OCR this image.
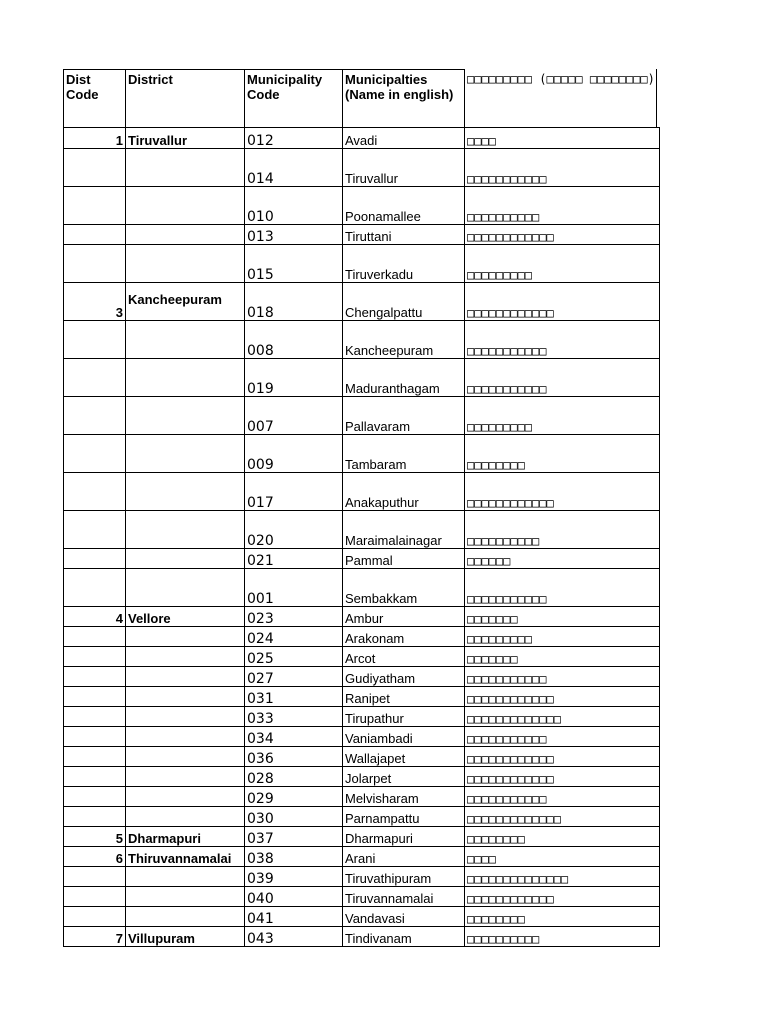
Dist Code	District	Municipality Code	Municipalties (Name in english)	□□□□□□□□□ (□□□□□ □□□□□□□□)
1	Tiruvallur	012	Avadi	□□□□
		014	Tiruvallur	□□□□□□□□□□□
		010	Poonamallee	□□□□□□□□□□
		013	Tiruttani	□□□□□□□□□□□□
		015	Tiruverkadu	□□□□□□□□□
3	Kancheepuram	018	Chengalpattu	□□□□□□□□□□□□
		008	Kancheepuram	□□□□□□□□□□□
		019	Maduranthagam	□□□□□□□□□□□
		007	Pallavaram	□□□□□□□□□
		009	Tambaram	□□□□□□□□
		017	Anakaputhur	□□□□□□□□□□□□
		020	Maraimalainagar	□□□□□□□□□□
		021	Pammal	□□□□□□
		001	Sembakkam	□□□□□□□□□□□
4	Vellore	023	Ambur	□□□□□□□
		024	Arakonam	□□□□□□□□□
		025	Arcot	□□□□□□□
		027	Gudiyatham	□□□□□□□□□□□
		031	Ranipet	□□□□□□□□□□□□
		033	Tirupathur	□□□□□□□□□□□□□
		034	Vaniambadi	□□□□□□□□□□□
		036	Wallajapet	□□□□□□□□□□□□
		028	Jolarpet	□□□□□□□□□□□□
		029	Melvisharam	□□□□□□□□□□□
		030	Parnampattu	□□□□□□□□□□□□□
5	Dharmapuri	037	Dharmapuri	□□□□□□□□
6	Thiruvannamalai	038	Arani	□□□□
		039	Tiruvathipuram	□□□□□□□□□□□□□□
		040	Tiruvannamalai	□□□□□□□□□□□□
		041	Vandavasi	□□□□□□□□
7	Villupuram	043	Tindivanam	□□□□□□□□□□
